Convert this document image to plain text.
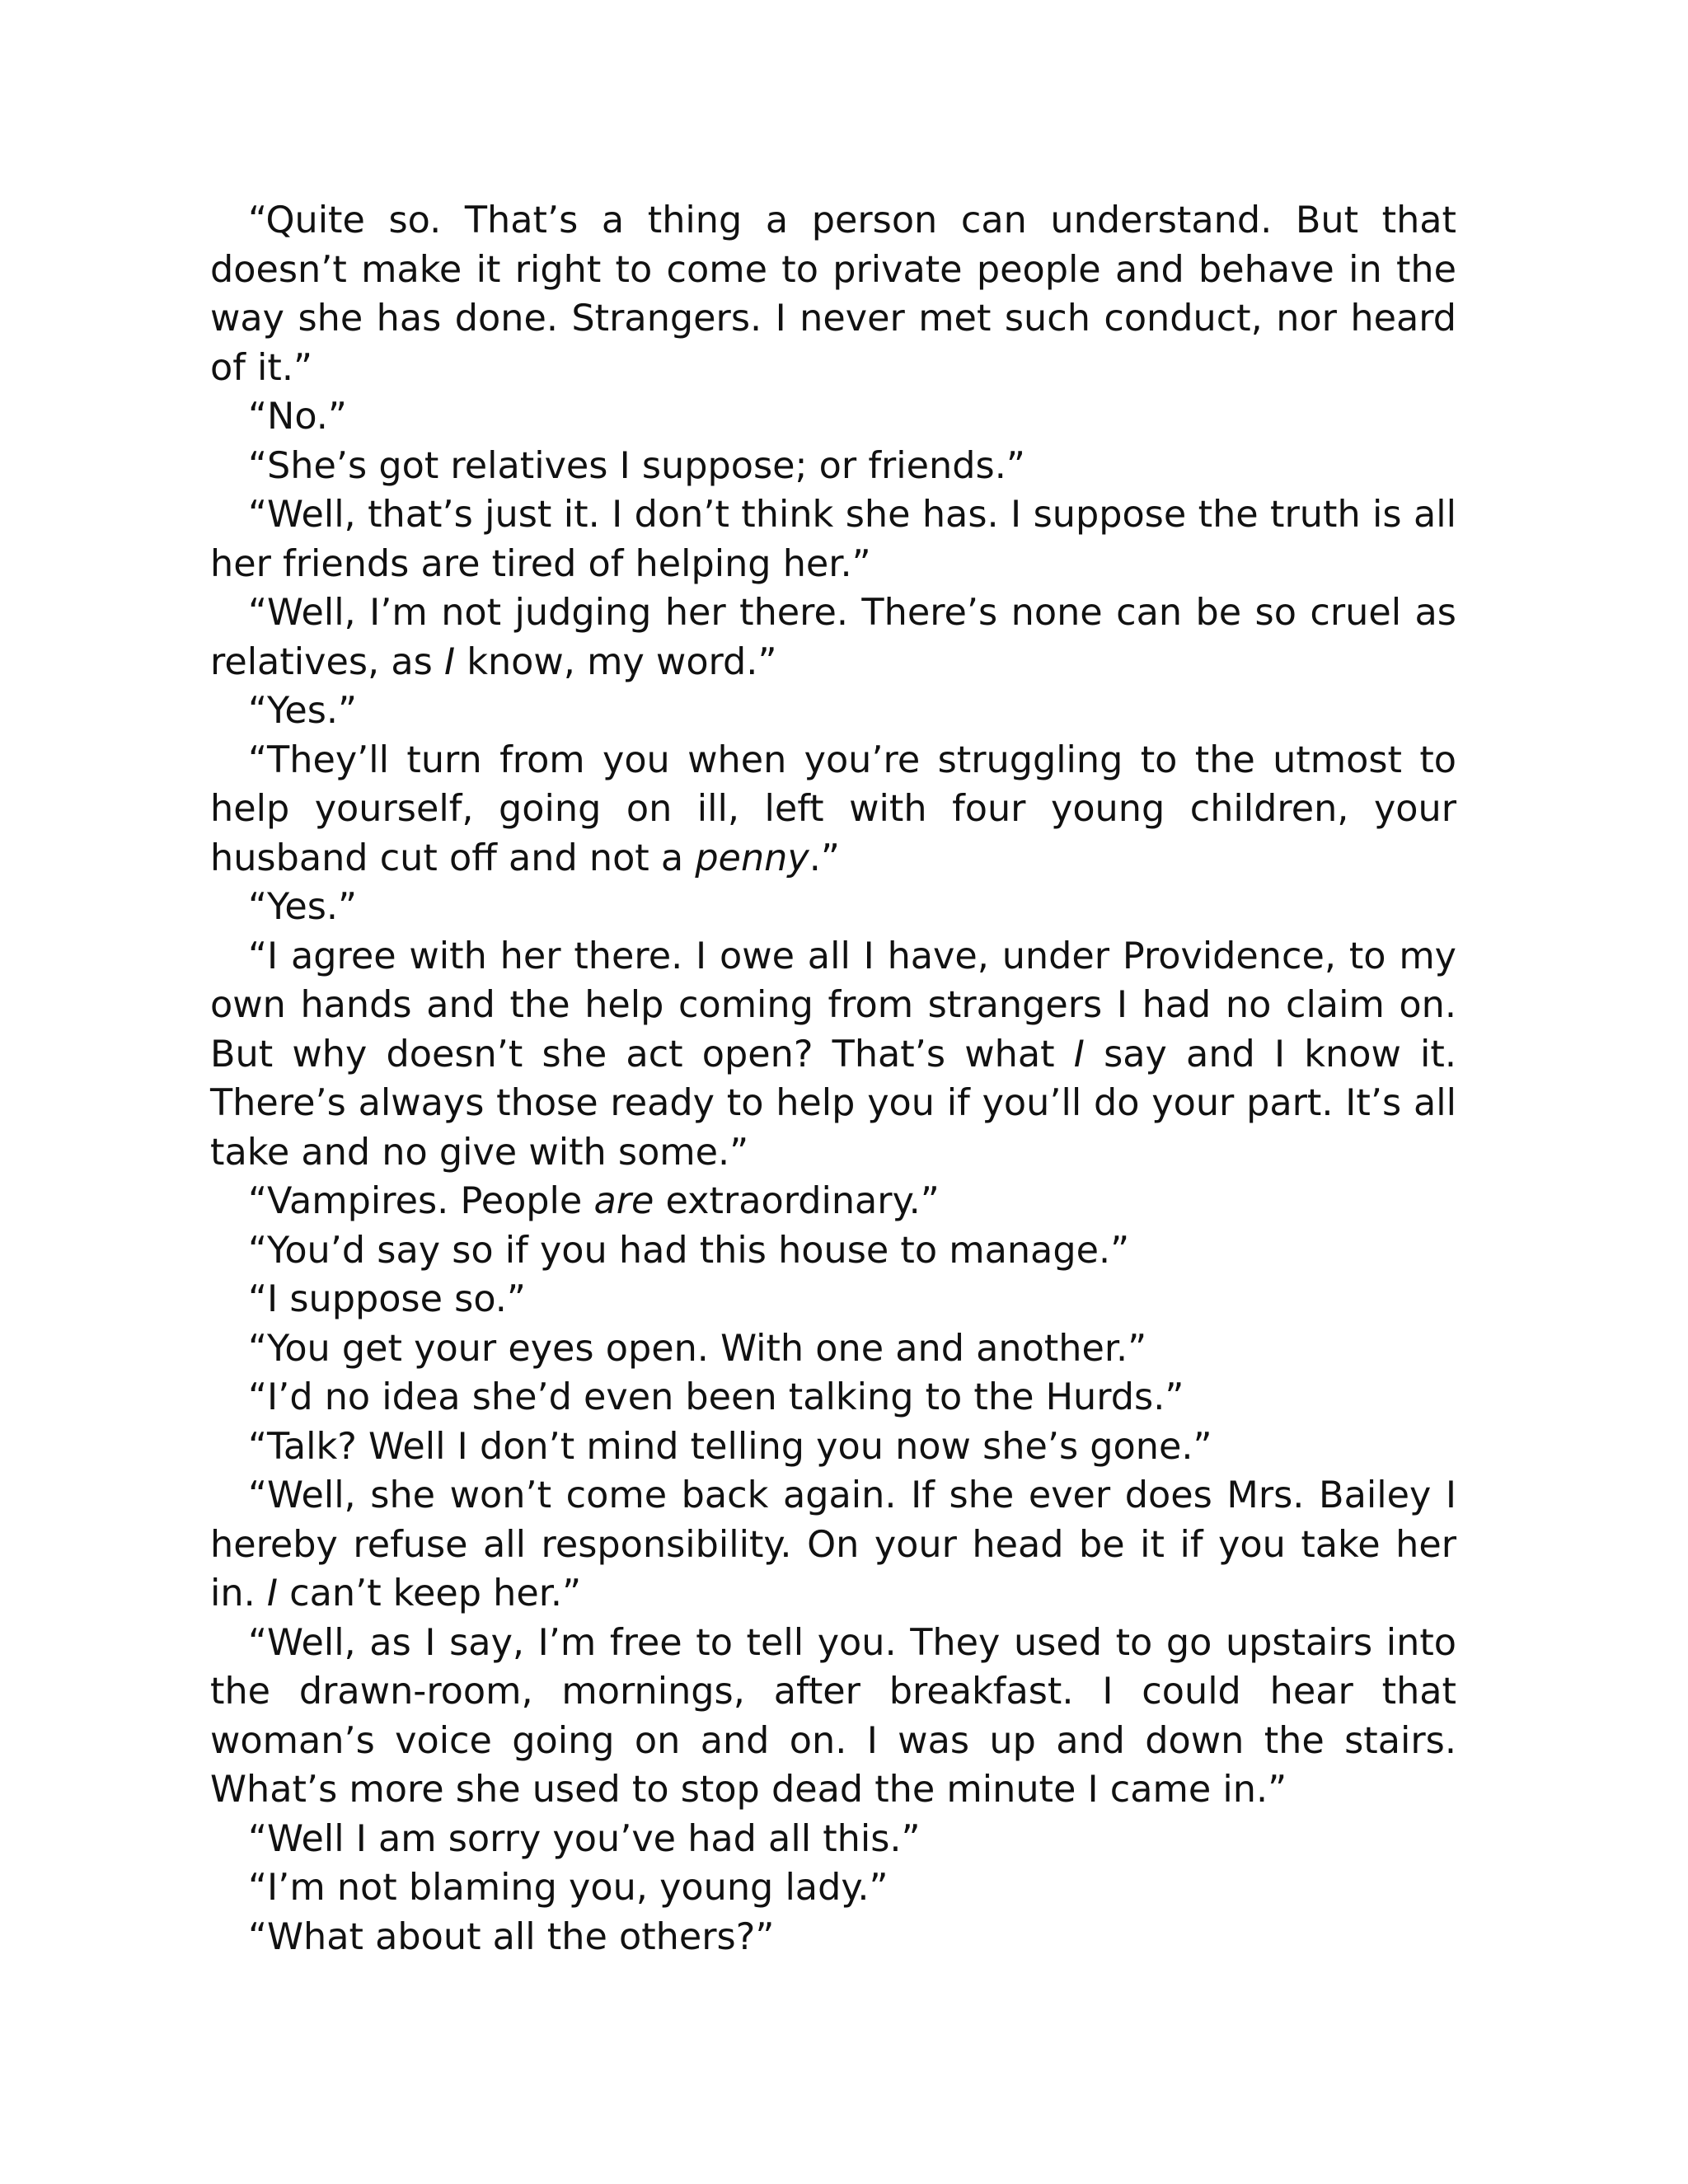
“Quite so. That’s a thing a person can understand. But that doesn’t make it right to come to private people and behave in the way she has done. Strangers. I never met such conduct, nor heard of it.”

“No.”

“She’s got relatives I suppose; or friends.”

“Well, that’s just it. I don’t think she has. I suppose the truth is all her friends are tired of helping her.”

“Well, I’m not judging her there. There’s none can be so cruel as relatives, as I know, my word.”

“Yes.”

“They’ll turn from you when you’re struggling to the utmost to help yourself, going on ill, left with four young children, your husband cut off and not a penny.”

“Yes.”

“I agree with her there. I owe all I have, under Providence, to my own hands and the help coming from strangers I had no claim on. But why doesn’t she act open? That’s what I say and I know it. There’s always those ready to help you if you’ll do your part. It’s all take and no give with some.”

“Vampires. People are extraordinary.”

“You’d say so if you had this house to manage.”

“I suppose so.”

“You get your eyes open. With one and another.”

“I’d no idea she’d even been talking to the Hurds.”

“Talk? Well I don’t mind telling you now she’s gone.”

“Well, she won’t come back again. If she ever does Mrs. Bailey I hereby refuse all responsibility. On your head be it if you take her in. I can’t keep her.”

“Well, as I say, I’m free to tell you. They used to go upstairs into the drawn-room, mornings, after breakfast. I could hear that woman’s voice going on and on. I was up and down the stairs. What’s more she used to stop dead the minute I came in.”

“Well I am sorry you’ve had all this.”

“I’m not blaming you, young lady.”

“What about all the others?”
